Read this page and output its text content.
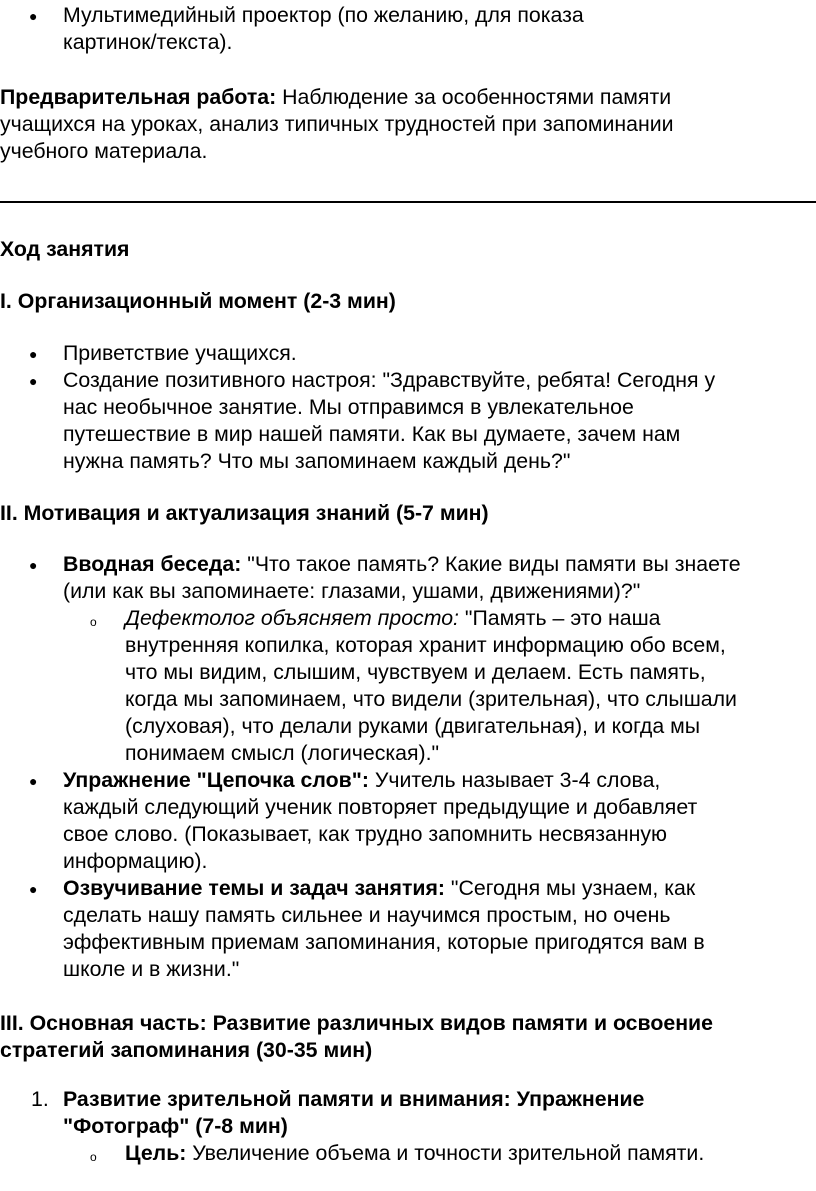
● Мультимедийный проектор (по желанию, для показа
картинок/текста).
Предварительная работа: Наблюдение за особенностями памяти
учащихся на уроках, анализ типичных трудностей при запоминании
учебного материала.
Ход занятия
I. Организационный момент (2-3 мин)
● Приветствие учащихся.
● Создание позитивного настроя: "Здравствуйте, ребята! Сегодня у
нас необычное занятие. Мы отправимся в увлекательное
путешествие в мир нашей памяти. Как вы думаете, зачем нам
нужна память? Что мы запоминаем каждый день?"
II. Мотивация и актуализация знаний (5-7 мин)
● Вводная беседа: "Что такое память? Какие виды памяти вы знаете
(или как вы запоминаете: глазами, ушами, движениями)?"
o Дефектолог объясняет просто: "Память – это наша
внутренняя копилка, которая хранит информацию обо всем,
что мы видим, слышим, чувствуем и делаем. Есть память,
когда мы запоминаем, что видели (зрительная), что слышали
(слуховая), что делали руками (двигательная), и когда мы
понимаем смысл (логическая)."
● Упражнение "Цепочка слов": Учитель называет 3-4 слова,
каждый следующий ученик повторяет предыдущие и добавляет
свое слово. (Показывает, как трудно запомнить несвязанную
информацию).
● Озвучивание темы и задач занятия: "Сегодня мы узнаем, как
сделать нашу память сильнее и научимся простым, но очень
эффективным приемам запоминания, которые пригодятся вам в
школе и в жизни."
III. Основная часть: Развитие различных видов памяти и освоение
стратегий запоминания (30-35 мин)
1. Развитие зрительной памяти и внимания: Упражнение
"Фотограф" (7-8 мин)
o Цель: Увеличение объема и точности зрительной памяти.
